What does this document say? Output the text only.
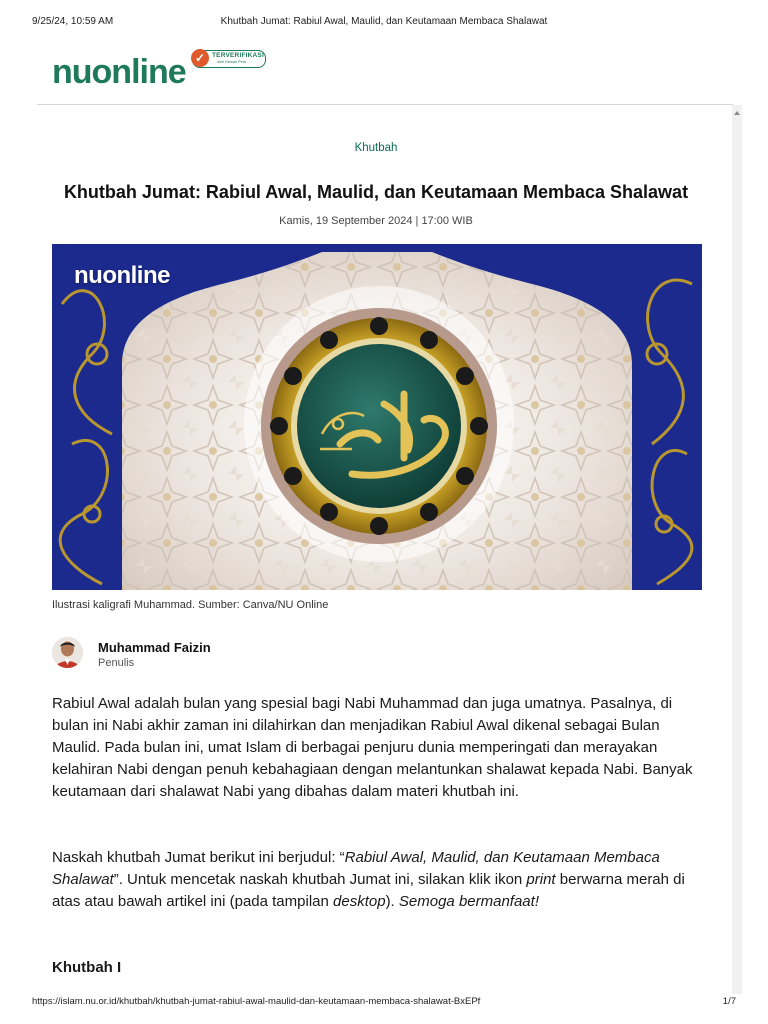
9/25/24, 10:59 AM	Khutbah Jumat: Rabiul Awal, Maulid, dan Keutamaan Membaca Shalawat
nuonline ✓	TERVERIFIKASI
oleh Dewan Pers
Khutbah
Khutbah Jumat: Rabiul Awal, Maulid, dan Keutamaan Membaca Shalawat
Kamis, 19 September 2024 | 17:00 WIB
nuonline
Ilustrasi kaligrafi Muhammad. Sumber: Canva/NU Online
Muhammad Faizin
Penulis

Rabiul Awal adalah bulan yang spesial bagi Nabi Muhammad dan juga umatnya. Pasalnya, di bulan ini Nabi akhir zaman ini dilahirkan dan menjadikan Rabiul Awal dikenal sebagai Bulan Maulid. Pada bulan ini, umat Islam di berbagai penjuru dunia memperingati dan merayakan kelahiran Nabi dengan penuh kebahagiaan dengan melantunkan shalawat kepada Nabi. Banyak keutamaan dari shalawat Nabi yang dibahas dalam materi khutbah ini.

Naskah khutbah Jumat berikut ini berjudul: “Rabiul Awal, Maulid, dan Keutamaan Membaca Shalawat”. Untuk mencetak naskah khutbah Jumat ini, silakan klik ikon print berwarna merah di atas atau bawah artikel ini (pada tampilan desktop). Semoga bermanfaat!

Khutbah I
https://islam.nu.or.id/khutbah/khutbah-jumat-rabiul-awal-maulid-dan-keutamaan-membaca-shalawat-BxEPf	1/7
